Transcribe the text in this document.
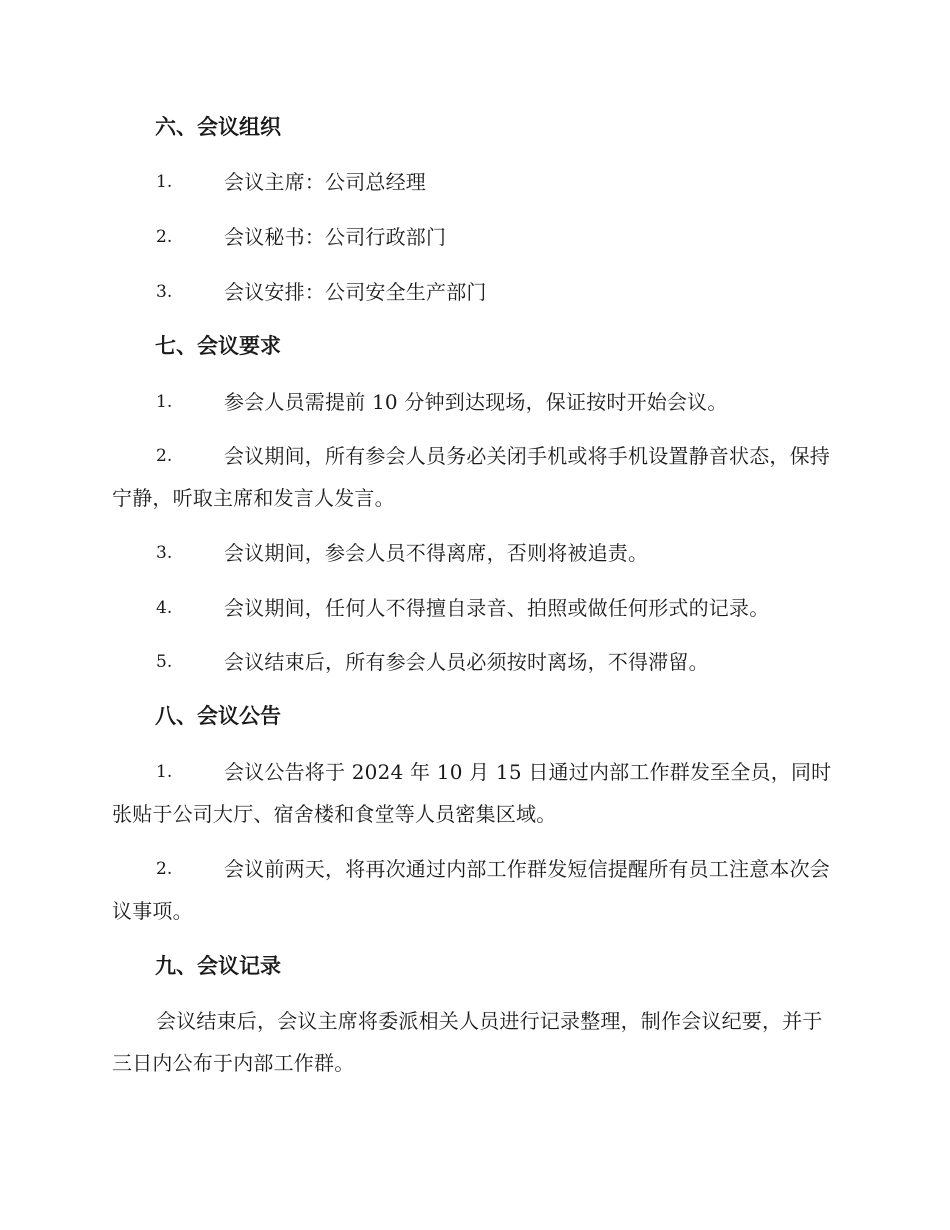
六、会议组织
1.	会议主席：公司总经理
2.	会议秘书：公司行政部门
3.	会议安排：公司安全生产部门
七、会议要求
1.	参会人员需提前 10 分钟到达现场，保证按时开始会议。
2.	会议期间，所有参会人员务必关闭手机或将手机设置静音状态，保持宁静，听取主席和发言人发言。
3.	会议期间，参会人员不得离席，否则将被追责。
4.	会议期间，任何人不得擅自录音、拍照或做任何形式的记录。
5.	会议结束后，所有参会人员必须按时离场，不得滞留。
八、会议公告
1.	会议公告将于 2024 年 10 月 15 日通过内部工作群发至全员，同时张贴于公司大厅、宿舍楼和食堂等人员密集区域。
2.	会议前两天，将再次通过内部工作群发短信提醒所有员工注意本次会议事项。
九、会议记录
会议结束后，会议主席将委派相关人员进行记录整理，制作会议纪要，并于三日内公布于内部工作群。
